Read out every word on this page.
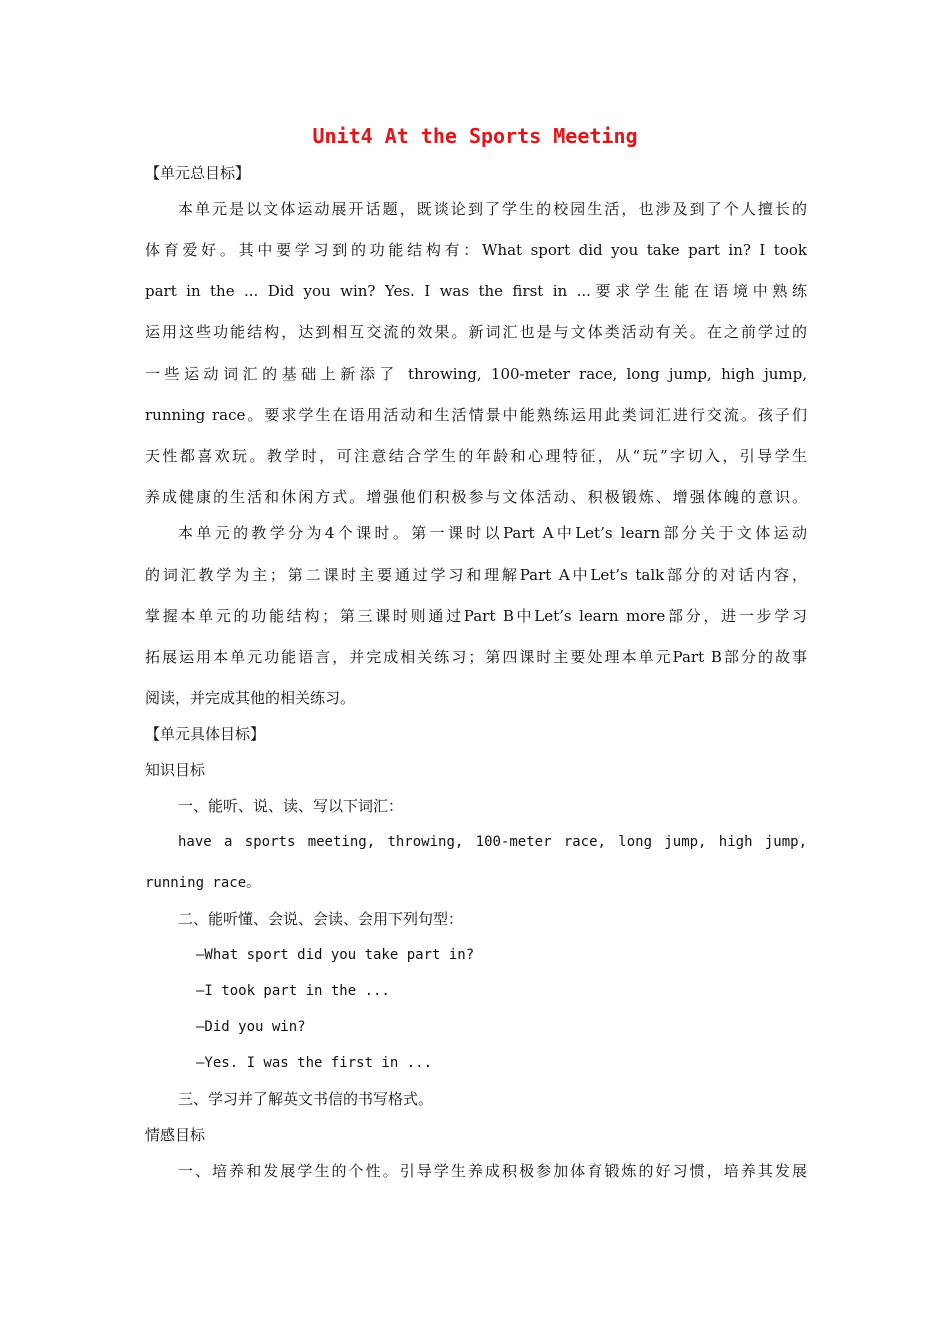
Unit4 At the Sports Meeting
【单元总目标】
本单元是以文体运动展开话题，既谈论到了学生的校园生活，也涉及到了个人擅长的
体育爱好。其中要学习到的功能结构有：What sport did you take part in? I took
part in the ... Did you win? Yes. I was the first in ...要求学生能在语境中熟练
运用这些功能结构，达到相互交流的效果。新词汇也是与文体类活动有关。在之前学过的
一些运动词汇的基础上新添了 throwing, 100-meter race, long jump, high jump,
running race。要求学生在语用活动和生活情景中能熟练运用此类词汇进行交流。孩子们
天性都喜欢玩。教学时，可注意结合学生的年龄和心理特征，从“玩”字切入，引导学生
养成健康的生活和休闲方式。增强他们积极参与文体活动、积极锻炼、增强体魄的意识。
本单元的教学分为4个课时。第一课时以Part A中Let’s learn部分关于文体运动
的词汇教学为主；第二课时主要通过学习和理解Part A中Let’s talk部分的对话内容，
掌握本单元的功能结构；第三课时则通过Part B中Let’s learn more部分，进一步学习
拓展运用本单元功能语言，并完成相关练习；第四课时主要处理本单元Part B部分的故事
阅读，并完成其他的相关练习。
【单元具体目标】
知识目标
一、能听、说、读、写以下词汇：
have a sports meeting, throwing, 100-meter race, long jump, high jump,
running race。
二、能听懂、会说、会读、会用下列句型：
—What sport did you take part in?
—I took part in the ...
—Did you win?
—Yes. I was the first in ...
三、学习并了解英文书信的书写格式。
情感目标
一、培养和发展学生的个性。引导学生养成积极参加体育锻炼的好习惯，培养其发展
